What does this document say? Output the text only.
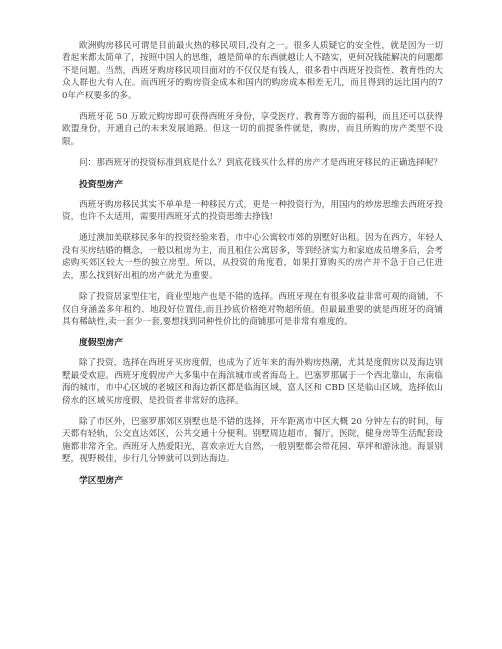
欧洲购房移民可谓是目前最火热的移民项目,没有之一。很多人质疑它的安全性，就是因为一切看起来都太简单了，按照中国人的思维，越是简单的东西就越让人不踏实，更何况钱能解决的问题都不是问题。当然，西班牙购房移民项目面对的不仅仅是有钱人，很多看中西班牙投资性、教育性的大众人群也大有人在。而西班牙的购房资金成本和国内的购房成本相差无几，而且得到的远比国内的70年产权要多的多。

西班牙花 50 万欧元购房即可获得西班牙身份，享受医疗、教育等方面的福利，而且还可以获得欧盟身份，开通自己的未来发展道路。但这一切的前提条件就是，购房，而且所购的房产类型不设限。

问：那西班牙的投资标准到底是什么？到底花钱买什么样的房产才是西班牙移民的正确选择呢？

投资型房产

西班牙购房移民其实不单单是一种移民方式，更是一种投资行为，用国内的炒房思维去西班牙投资，也许不太适用，需要用西班牙式的投资思维去挣钱!

通过澳加美联移民多年的投资经验来看，市中心公寓较市郊的别墅好出租。因为在西方，年轻人没有买房结婚的概念，一般以租房为主，而且租住公寓居多，等到经济实力和家庭成员增多后，会考虑购买郊区较大一些的独立房型。所以，从投资的角度看，如果打算购买的房产并不急于自己住进去，那么找到好出租的房产就尤为重要。

除了投资居家型住宅，商业型地产也是不错的选择。西班牙现在有很多收益非常可观的商铺，不仅自身涵盖多年租约、地段好位置佳,而且抄底价格绝对物超所值。但最最重要的就是西班牙的商铺具有稀缺性,卖一套少一套,要想找到同种性价比的商铺那可是非常有难度的。

度假型房产

除了投资，选择在西班牙买房度假，也成为了近年来的海外购房热潮，尤其是度假房以及海边别墅最受欢迎。西班牙度假房产大多集中在海滨城市或者海岛上。巴塞罗那属于一个西北靠山，东南临海的城市，市中心区域的老城区和海边新区都是临海区域，富人区和 CBD 区是临山区域，选择依山傍水的区域买房度假，是投资者非常好的选择。

除了市区外，巴塞罗那郊区别墅也是不错的选择，开车距离市中区大概 20 分钟左右的时间，每天都有轻轨，公交直达郊区，公共交通十分便利。别墅周边超市，餐厅，医院，健身房等生活配套设施都非常齐全。西班牙人热爱阳光，喜欢亲近大自然，一般别墅都会带花园、草坪和游泳池。海景别墅，视野极佳，步行几分钟就可以到达海边。

学区型房产
